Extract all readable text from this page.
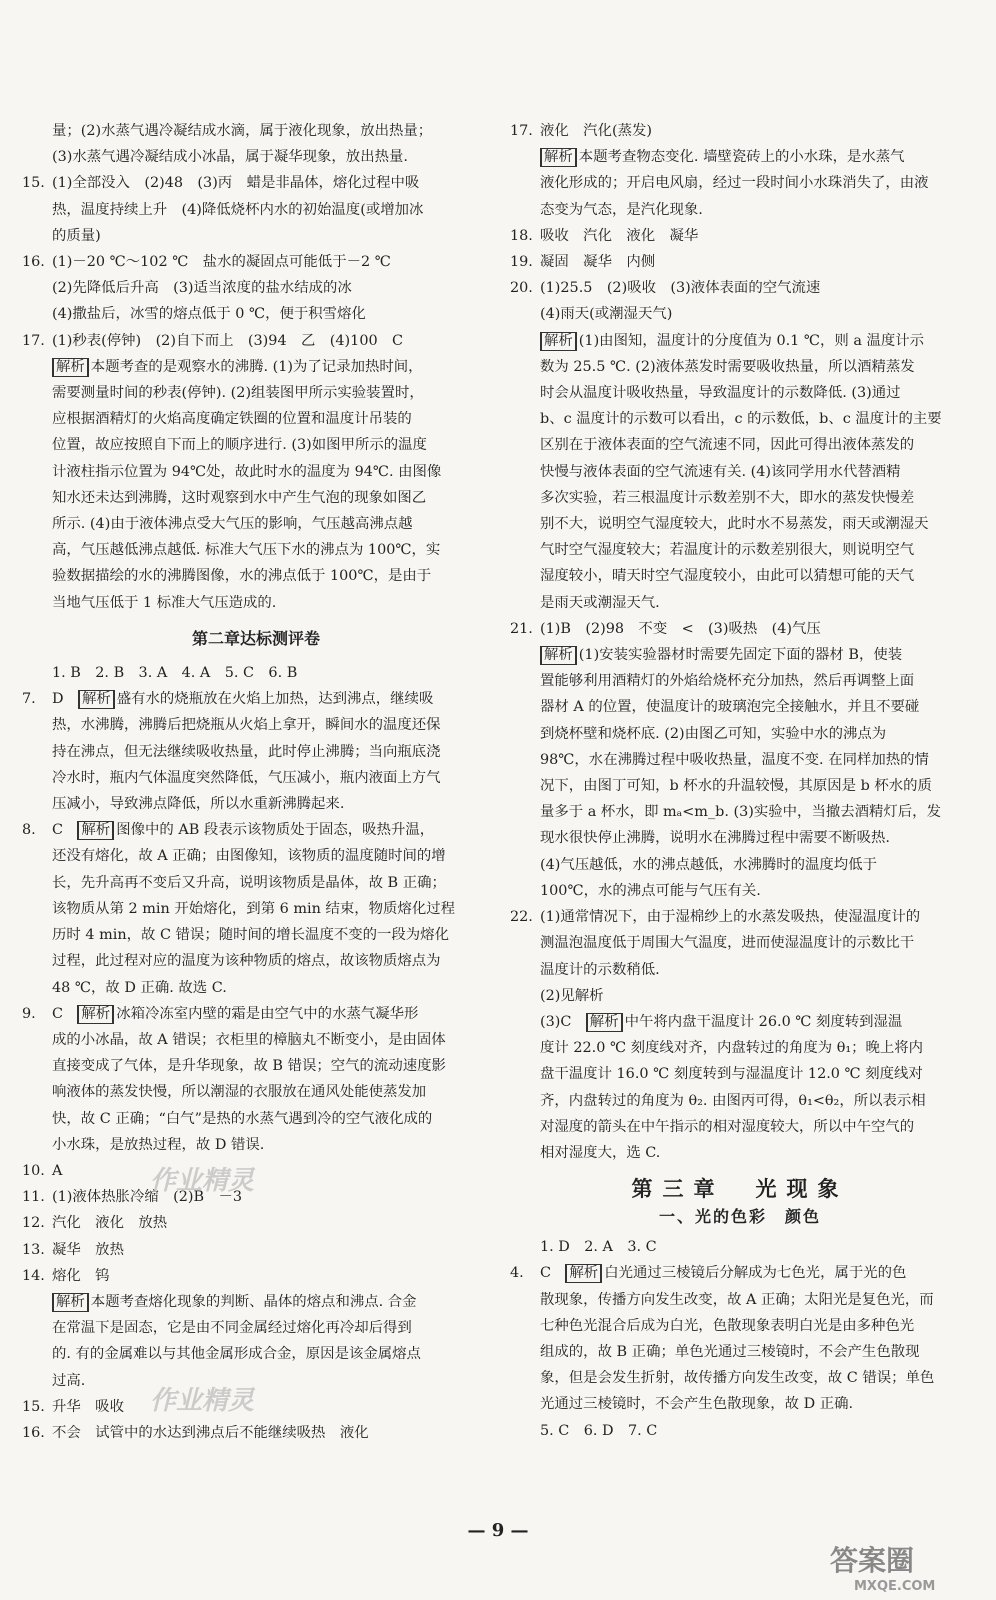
量；(2)水蒸气遇冷凝结成水滴，属于液化现象，放出热量；
(3)水蒸气遇冷凝结成小冰晶，属于凝华现象，放出热量.
15. (1)全部没入　(2)48　(3)丙　蜡是非晶体，熔化过程中吸
热，温度持续上升　(4)降低烧杯内水的初始温度(或增加冰
的质量)
16. (1)－20 ℃～102 ℃　盐水的凝固点可能低于－2 ℃
(2)先降低后升高　(3)适当浓度的盐水结成的冰
(4)撒盐后，冰雪的熔点低于 0 ℃，便于积雪熔化
17. (1)秒表(停钟)　(2)自下而上　(3)94　乙　(4)100　C
解析 本题考查的是观察水的沸腾. (1)为了记录加热时间，
需要测量时间的秒表(停钟). (2)组装图甲所示实验装置时，
应根据酒精灯的火焰高度确定铁圈的位置和温度计吊装的
位置，故应按照自下而上的顺序进行. (3)如图甲所示的温度
计液柱指示位置为 94℃处，故此时水的温度为 94℃. 由图像
知水还未达到沸腾，这时观察到水中产生气泡的现象如图乙
所示. (4)由于液体沸点受大气压的影响，气压越高沸点越
高，气压越低沸点越低. 标准大气压下水的沸点为 100℃，实
验数据描绘的水的沸腾图像，水的沸点低于 100℃，是由于
当地气压低于 1 标准大气压造成的.
第二章达标测评卷
1. B　2. B　3. A　4. A　5. C　6. B
7.	D　解析 盛有水的烧瓶放在火焰上加热，达到沸点，继续吸
热，水沸腾，沸腾后把烧瓶从火焰上拿开，瞬间水的温度还保
持在沸点，但无法继续吸收热量，此时停止沸腾；当向瓶底浇
冷水时，瓶内气体温度突然降低，气压减小，瓶内液面上方气
压减小，导致沸点降低，所以水重新沸腾起来.
8.	C　解析 图像中的 AB 段表示该物质处于固态，吸热升温，
还没有熔化，故 A 正确；由图像知，该物质的温度随时间的增
长，先升高再不变后又升高，说明该物质是晶体，故 B 正确；
该物质从第 2 min 开始熔化，到第 6 min 结束，物质熔化过程
历时 4 min，故 C 错误；随时间的增长温度不变的一段为熔化
过程，此过程对应的温度为该种物质的熔点，故该物质熔点为
48 ℃，故 D 正确. 故选 C.
9.	C　解析 冰箱冷冻室内壁的霜是由空气中的水蒸气凝华形
成的小冰晶，故 A 错误；衣柜里的樟脑丸不断变小，是由固体
直接变成了气体，是升华现象，故 B 错误；空气的流动速度影
响液体的蒸发快慢，所以潮湿的衣服放在通风处能使蒸发加
快，故 C 正确；“白气”是热的水蒸气遇到冷的空气液化成的
小水珠，是放热过程，故 D 错误.
10. A
11. (1)液体热胀冷缩　(2)B　－3
12. 汽化　液化　放热
13. 凝华　放热
14. 熔化　钨
解析 本题考查熔化现象的判断、晶体的熔点和沸点. 合金
在常温下是固态，它是由不同金属经过熔化再冷却后得到
的. 有的金属难以与其他金属形成合金，原因是该金属熔点
过高.
15. 升华　吸收
16. 不会　试管中的水达到沸点后不能继续吸热　液化
17. 液化　汽化(蒸发)
解析 本题考查物态变化. 墙壁瓷砖上的小水珠，是水蒸气
液化形成的；开启电风扇，经过一段时间小水珠消失了，由液
态变为气态，是汽化现象.
18. 吸收　汽化　液化　凝华
19. 凝固　凝华　内侧
20. (1)25.5　(2)吸收　(3)液体表面的空气流速
(4)雨天(或潮湿天气)
解析 (1)由图知，温度计的分度值为 0.1 ℃，则 a 温度计示
数为 25.5 ℃. (2)液体蒸发时需要吸收热量，所以酒精蒸发
时会从温度计吸收热量，导致温度计的示数降低. (3)通过
b、c 温度计的示数可以看出，c 的示数低，b、c 温度计的主要
区别在于液体表面的空气流速不同，因此可得出液体蒸发的
快慢与液体表面的空气流速有关. (4)该同学用水代替酒精
多次实验，若三根温度计示数差别不大，即水的蒸发快慢差
别不大，说明空气湿度较大，此时水不易蒸发，雨天或潮湿天
气时空气湿度较大；若温度计的示数差别很大，则说明空气
湿度较小，晴天时空气湿度较小，由此可以猜想可能的天气
是雨天或潮湿天气.
21. (1)B　(2)98　不变　<　(3)吸热　(4)气压
解析 (1)安装实验器材时需要先固定下面的器材 B，使装
置能够利用酒精灯的外焰给烧杯充分加热，然后再调整上面
器材 A 的位置，使温度计的玻璃泡完全接触水，并且不要碰
到烧杯壁和烧杯底. (2)由图乙可知，实验中水的沸点为
98℃，水在沸腾过程中吸收热量，温度不变. 在同样加热的情
况下，由图丁可知，b 杯水的升温较慢，其原因是 b 杯水的质
量多于 a 杯水，即 mₐ<m_b. (3)实验中，当撤去酒精灯后，发
现水很快停止沸腾，说明水在沸腾过程中需要不断吸热.
(4)气压越低，水的沸点越低，水沸腾时的温度均低于
100℃，水的沸点可能与气压有关.
22. (1)通常情况下，由于湿棉纱上的水蒸发吸热，使湿温度计的
测温泡温度低于周围大气温度，进而使湿温度计的示数比干
温度计的示数稍低.
(2)见解析
(3)C　解析 中午将内盘干温度计 26.0 ℃ 刻度转到湿温
度计 22.0 ℃ 刻度线对齐，内盘转过的角度为 θ₁；晚上将内
盘干温度计 16.0 ℃ 刻度转到与湿温度计 12.0 ℃ 刻度线对
齐，内盘转过的角度为 θ₂. 由图丙可得，θ₁<θ₂，所以表示相
对湿度的箭头在中午指示的相对湿度较大，所以中午空气的
相对湿度大，选 C.
第三章　光现象
一、光的色彩　颜色
1. D　2. A　3. C
4.	C　解析 白光通过三棱镜后分解成为七色光，属于光的色
散现象，传播方向发生改变，故 A 正确；太阳光是复色光，而
七种色光混合后成为白光，色散现象表明白光是由多种色光
组成的，故 B 正确；单色光通过三棱镜时，不会产生色散现
象，但是会发生折射，故传播方向发生改变，故 C 错误；单色
光通过三棱镜时，不会产生色散现象，故 D 正确.
5. C　6. D　7. C
作业精灵
作业精灵
— 9 —
答案圈
MXQE.COM
